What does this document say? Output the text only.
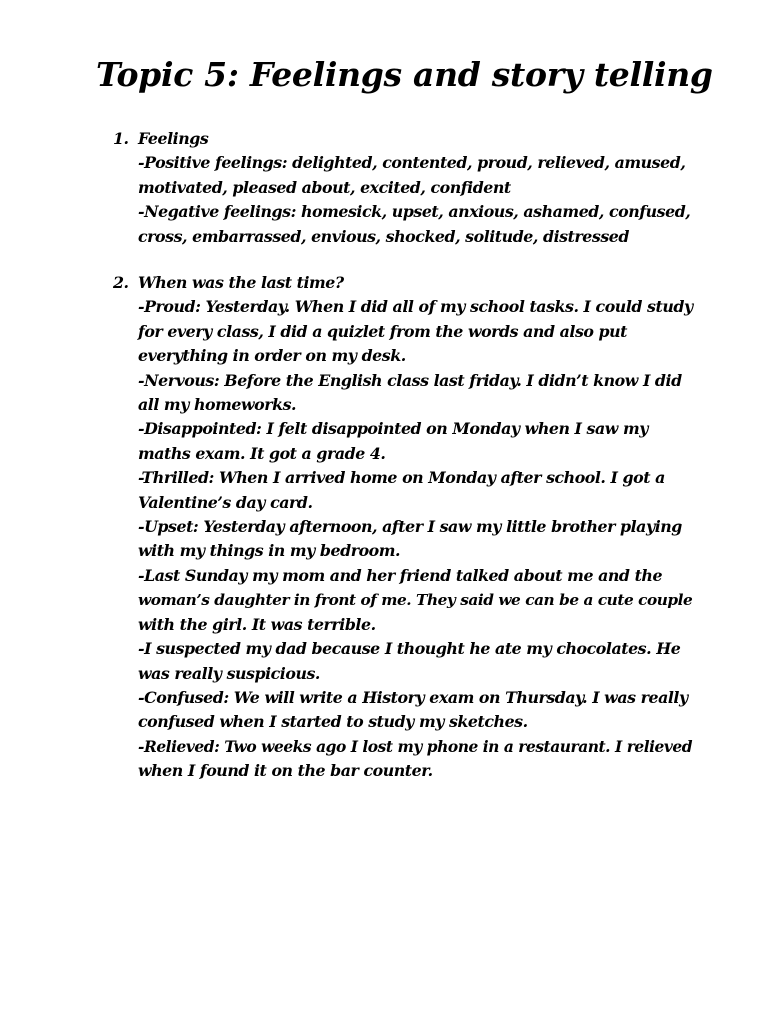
Topic 5: Feelings and story telling
1. Feelings
-Positive feelings: delighted, contented, proud, relieved, amused,
motivated, pleased about, excited, confident
-Negative feelings: homesick, upset, anxious, ashamed, confused,
cross, embarrassed, envious, shocked, solitude, distressed
2. When was the last time?
-Proud: Yesterday. When I did all of my school tasks. I could study
for every class, I did a quizlet from the words and also put
everything in order on my desk.
-Nervous: Before the English class last friday. I didn’t know I did
all my homeworks.
-Disappointed: I felt disappointed on Monday when I saw my
maths exam. It got a grade 4.
-Thrilled: When I arrived home on Monday after school. I got a
Valentine’s day card.
-Upset: Yesterday afternoon, after I saw my little brother playing
with my things in my bedroom.
-Last Sunday my mom and her friend talked about me and the
woman’s daughter in front of me. They said we can be a cute couple
with the girl. It was terrible.
-I suspected my dad because I thought he ate my chocolates. He
was really suspicious.
-Confused: We will write a History exam on Thursday. I was really
confused when I started to study my sketches.
-Relieved: Two weeks ago I lost my phone in a restaurant. I relieved
when I found it on the bar counter.
